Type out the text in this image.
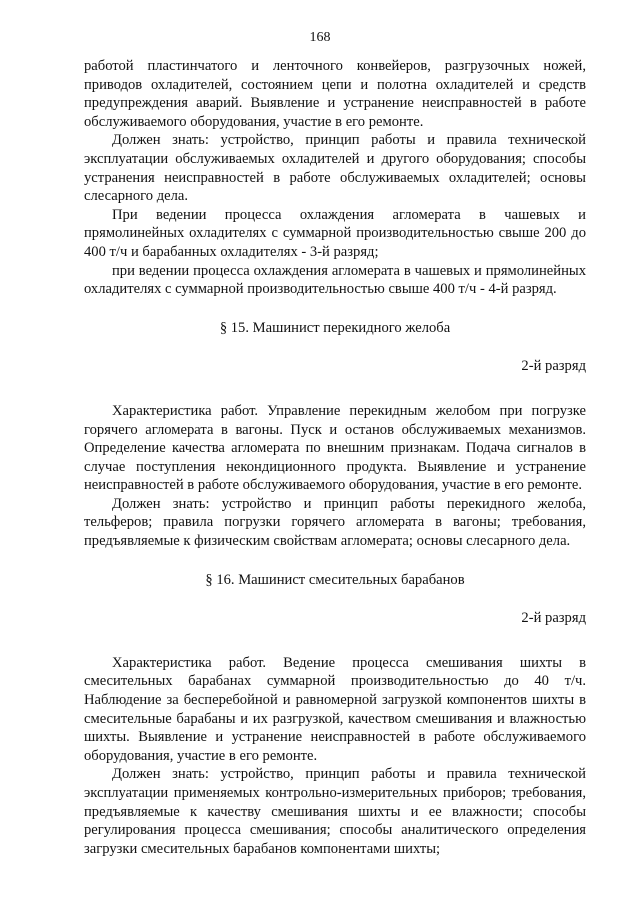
168

работой пластинчатого и ленточного конвейеров, разгрузочных ножей, приводов охладителей, состоянием цепи и полотна охладителей и средств предупреждения аварий. Выявление и устранение неисправностей в работе обслуживаемого оборудования, участие в его ремонте.

Должен знать: устройство, принцип работы и правила технической эксплуатации обслуживаемых охладителей и другого оборудования; способы устранения неисправностей в работе обслуживаемых охладителей; основы слесарного дела.

При ведении процесса охлаждения агломерата в чашевых и прямолинейных охладителях с суммарной производительностью свыше 200 до 400 т/ч и барабанных охладителях - 3-й разряд;

при ведении процесса охлаждения агломерата в чашевых и прямолинейных охладителях с суммарной производительностью свыше 400 т/ч - 4-й разряд.

§ 15. Машинист перекидного желоба
2-й разряд

Характеристика работ. Управление перекидным желобом при погрузке горячего агломерата в вагоны. Пуск и останов обслуживаемых механизмов. Определение качества агломерата по внешним признакам. Подача сигналов в случае поступления некондиционного продукта. Выявление и устранение неисправностей в работе обслуживаемого оборудования, участие в его ремонте.

Должен знать: устройство и принцип работы перекидного желоба, тельферов; правила погрузки горячего агломерата в вагоны; требования, предъявляемые к физическим свойствам агломерата; основы слесарного дела.

§ 16. Машинист смесительных барабанов
2-й разряд

Характеристика работ. Ведение процесса смешивания шихты в смесительных барабанах суммарной производительностью до 40 т/ч. Наблюдение за бесперебойной и равномерной загрузкой компонентов шихты в смесительные барабаны и их разгрузкой, качеством смешивания и влажностью шихты. Выявление и устранение неисправностей в работе обслуживаемого оборудования, участие в его ремонте.

Должен знать: устройство, принцип работы и правила технической эксплуатации применяемых контрольно-измерительных приборов; требования, предъявляемые к качеству смешивания шихты и ее влажности; способы регулирования процесса смешивания; способы аналитического определения загрузки смесительных барабанов компонентами шихты;
